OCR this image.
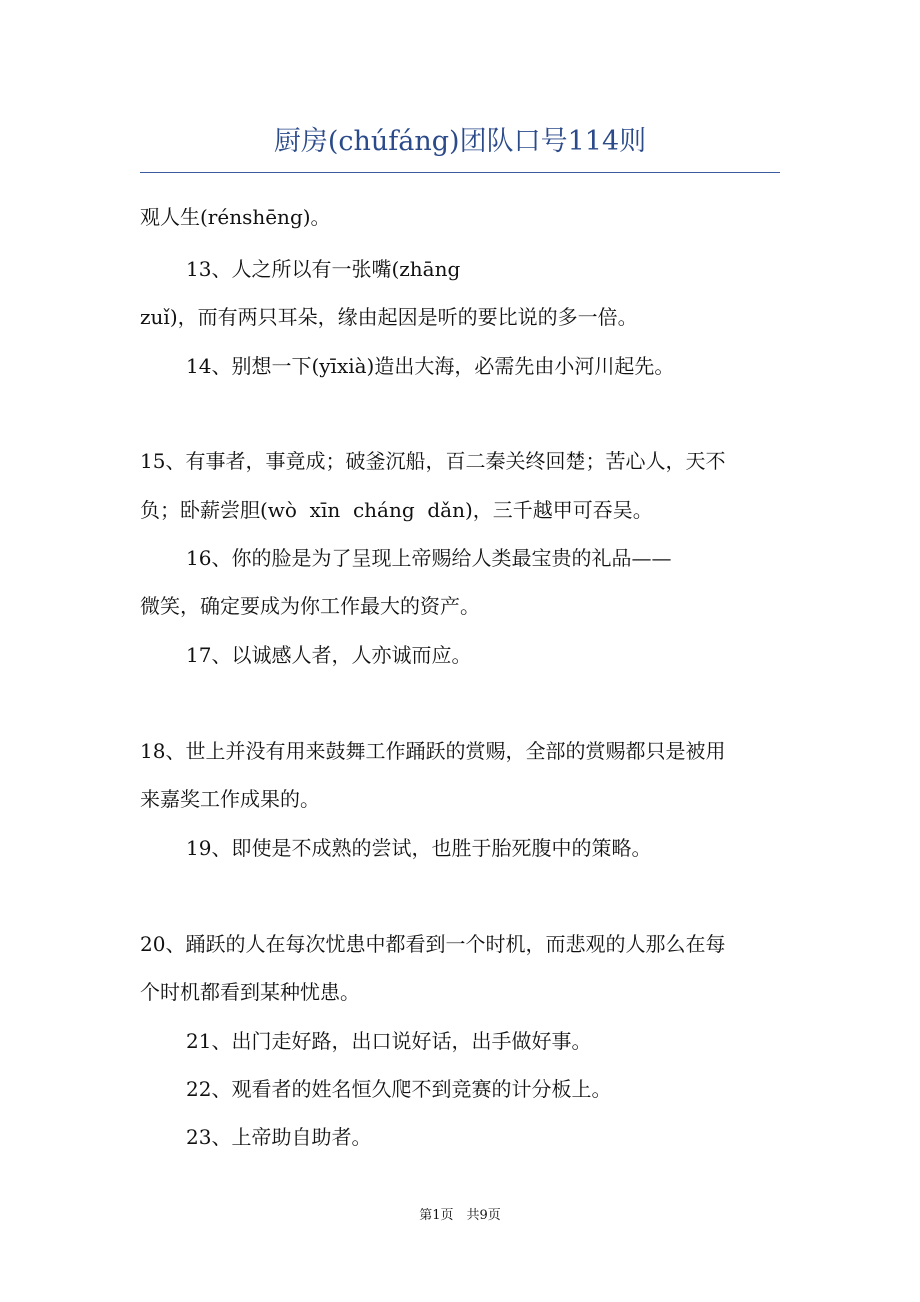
厨房(chúfáng)团队口号114则
观人生(rénshēng)。
13、人之所以有一张嘴(zhāng
zuǐ)，而有两只耳朵，缘由起因是听的要比说的多一倍。
14、别想一下(yīxià)造出大海，必需先由小河川起先。
15、有事者，事竟成；破釜沉船，百二秦关终回楚；苦心人，天不
负；卧薪尝胆(wò  xīn  cháng  dǎn)，三千越甲可吞吴。
16、你的脸是为了呈现上帝赐给人类最宝贵的礼品——
微笑，确定要成为你工作最大的资产。
17、以诚感人者，人亦诚而应。
18、世上并没有用来鼓舞工作踊跃的赏赐，全部的赏赐都只是被用
来嘉奖工作成果的。
19、即使是不成熟的尝试，也胜于胎死腹中的策略。
20、踊跃的人在每次忧患中都看到一个时机，而悲观的人那么在每
个时机都看到某种忧患。
21、出门走好路，出口说好话，出手做好事。
22、观看者的姓名恒久爬不到竞赛的计分板上。
23、上帝助自助者。
第1页　共9页
